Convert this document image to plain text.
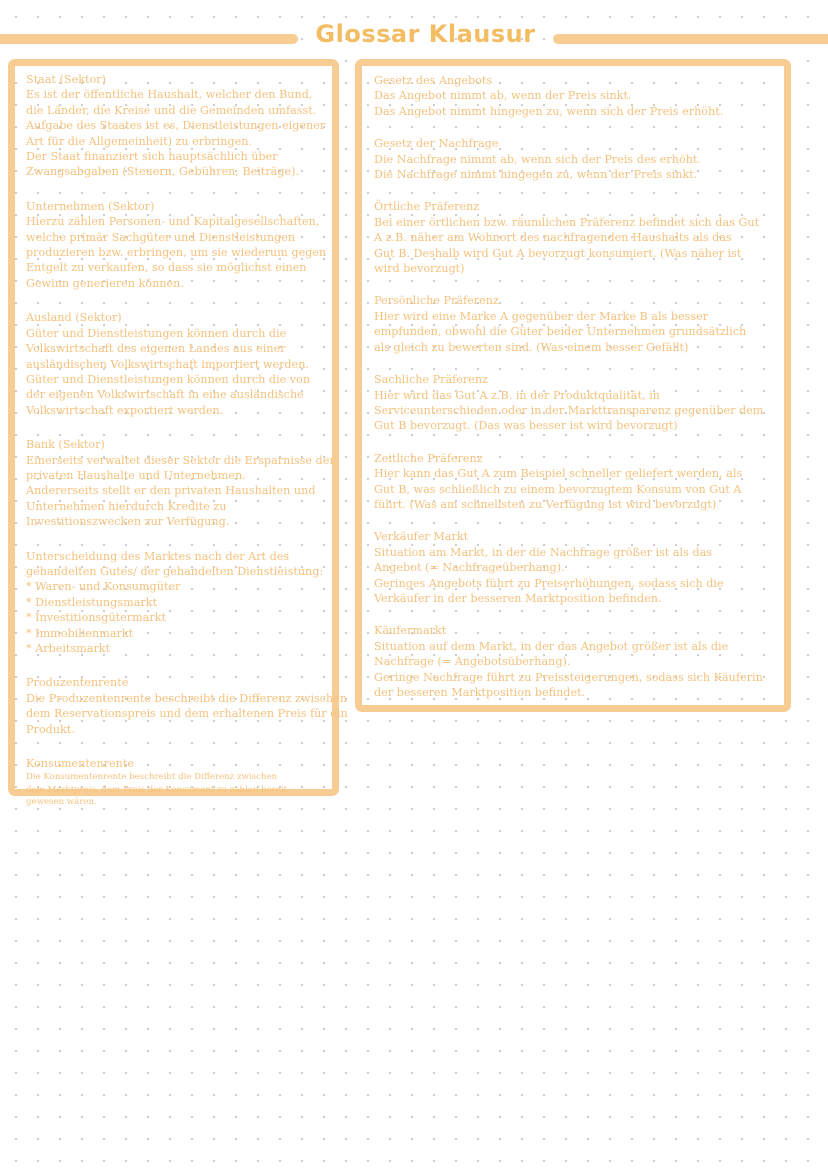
Glossar Klausur
Staat (Sektor)
Es ist der öffentliche Haushalt, welcher den Bund,
die Länder, die Kreise und die Gemeinden umfasst.
Aufgabe des Staates ist es, Dienstleistungen eigener
Art für die Allgemeinheit) zu erbringen.
Der Staat finanziert sich hauptsächlich über
Zwangsabgaben (Steuern, Gebühren, Beiträge).
Unternehmen (Sektor)
Hierzu zählen Personen- und Kapitalgesellschaften,
welche primär Sachgüter und Dienstleistungen
produzieren bzw. erbringen, um sie wiederum gegen
Entgelt zu verkaufen, so dass sie möglichst einen
Gewinn generieren können.
Ausland (Sektor)
Güter und Dienstleistungen können durch die
Volkswirtschaft des eigenen Landes aus einer
ausländischen Volkswirtschaft importiert werden.
Güter und Dienstleistungen können durch die von
der eigenen Volkswirtschaft in eine ausländische
Volkswirtschaft exportiert werden.
Bank (Sektor)
Einerseits verwaltet dieser Sektor die Ersparnisse der
privaten Haushalte und Unternehmen.
Andererseits stellt er den privaten Haushalten und
Unternehmen hierdurch Kredite zu
Investitionszwecken zur Verfügung.
Unterscheidung des Marktes nach der Art des
gehandelten Gutes/ der gehandelten Dienstleistung:
* Waren- und Konsumgüter
* Dienstleistungsmarkt
* Investitionsgütermarkt
* Immobilienmarkt
* Arbeitsmarkt
Produzentenrente
Die Produzentenrente beschreibt die Differenz zwischen
dem Reservationspreis und dem erhaltenen Preis für ein
Produkt.
Konsumentenrente
Die Konsumentenrente beschreibt die Differenz zwischen
dem Marktpreis, dem Preis der Konsument zu zahlen bereit
gewesen wären.
Gesetz des Angebots
Das Angebot nimmt ab, wenn der Preis sinkt.
Das Angebot nimmt hingegen zu, wenn sich der Preis erhöht.
Gesetz der Nachfrage
Die Nachfrage nimmt ab, wenn sich der Preis des erhöht.
Die Nachfrage nimmt hingegen zu, wenn der Preis sinkt.
Örtliche Präferenz
Bei einer örtlichen bzw. räumlichen Präferenz befindet sich das Gut
A z.B. näher am Wohnort des nachfragenden Haushalts als das
Gut B. Deshalb wird Gut A bevorzugt konsumiert. (Was näher ist
wird bevorzugt)
Persönliche Präferenz
Hier wird eine Marke A gegenüber der Marke B als besser
empfunden, obwohl die Güter beider Unternehmen grundsätzlich
als gleich zu bewerten sind. (Was einem besser Gefällt)
Sachliche Präferenz
Hier wird das Gut A z.B. in der Produktqualität, in
Serviceunterschieden oder in der Markttransparenz gegenüber dem
Gut B bevorzugt. (Das was besser ist wird bevorzugt)
Zeitliche Präferenz
Hier kann das Gut A zum Beispiel schneller geliefert werden, als
Gut B, was schließlich zu einem bevorzugtem Konsum von Gut A
führt. (Was am schnellsten zu Verfügung ist wird bevorzugt)
Verkäufer Markt
Situation am Markt, in der die Nachfrage größer ist als das
Angebot (= Nachfrageüberhang).
Geringes Angebots führt zu Preiserhöhungen, sodass sich die
Verkäufer in der besseren Marktposition befinden.
Käufermarkt
Situation auf dem Markt, in der das Angebot größer ist als die
Nachfrage (= Angebotsüberhang).
Geringe Nachfrage führt zu Preissteigerungen, sodass sich Käuferin
der besseren Marktposition befindet.
